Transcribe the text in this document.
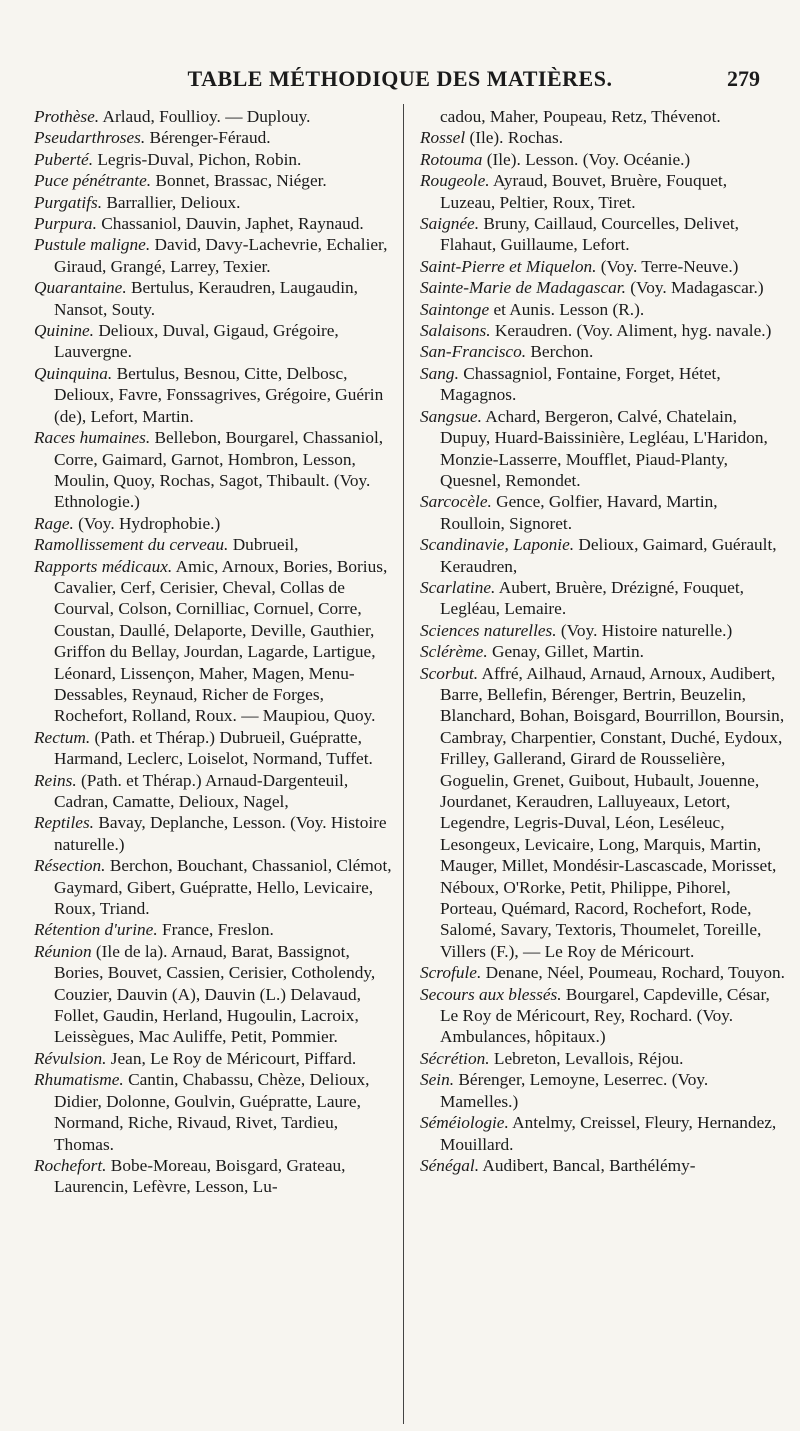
TABLE MÉTHODIQUE DES MATIÈRES.	279

Prothèse. Arlaud, Foullioy. — Duplouy.

Pseudarthroses. Bérenger-Féraud.

Puberté. Legris-Duval, Pichon, Robin.

Puce pénétrante. Bonnet, Brassac, Niéger.

Purgatifs. Barrallier, Delioux.

Purpura. Chassaniol, Dauvin, Japhet, Raynaud.

Pustule maligne. David, Davy-Lachevrie, Echalier, Giraud, Grangé, Larrey, Texier.

Quarantaine. Bertulus, Keraudren, Laugaudin, Nansot, Souty.

Quinine. Delioux, Duval, Gigaud, Grégoire, Lauvergne.

Quinquina. Bertulus, Besnou, Citte, Delbosc, Delioux, Favre, Fonssagrives, Grégoire, Guérin (de), Lefort, Martin.

Races humaines. Bellebon, Bourgarel, Chassaniol, Corre, Gaimard, Garnot, Hombron, Lesson, Moulin, Quoy, Rochas, Sagot, Thibault. (Voy. Ethnologie.)

Rage. (Voy. Hydrophobie.)

Ramollissement du cerveau. Dubrueil,

Rapports médicaux. Amic, Arnoux, Bories, Borius, Cavalier, Cerf, Cerisier, Cheval, Collas de Courval, Colson, Cornilliac, Cornuel, Corre, Coustan, Daullé, Delaporte, Deville, Gauthier, Griffon du Bellay, Jourdan, Lagarde, Lartigue, Léonard, Lissençon, Maher, Magen, Menu-Dessables, Reynaud, Richer de Forges, Rochefort, Rolland, Roux. — Maupiou, Quoy.

Rectum. (Path. et Thérap.) Dubrueil, Guépratte, Harmand, Leclerc, Loiselot, Normand, Tuffet.

Reins. (Path. et Thérap.) Arnaud-Dargenteuil, Cadran, Camatte, Delioux, Nagel,

Reptiles. Bavay, Deplanche, Lesson. (Voy. Histoire naturelle.)

Résection. Berchon, Bouchant, Chassaniol, Clémot, Gaymard, Gibert, Guépratte, Hello, Levicaire, Roux, Triand.

Rétention d'urine. France, Freslon.

Réunion (Ile de la). Arnaud, Barat, Bassignot, Bories, Bouvet, Cassien, Cerisier, Cotholendy, Couzier, Dauvin (A), Dauvin (L.) Delavaud, Follet, Gaudin, Herland, Hugoulin, Lacroix, Leissègues, Mac Auliffe, Petit, Pommier.

Révulsion. Jean, Le Roy de Méricourt, Piffard.

Rhumatisme. Cantin, Chabassu, Chèze, Delioux, Didier, Dolonne, Goulvin, Guépratte, Laure, Normand, Riche, Rivaud, Rivet, Tardieu, Thomas.

Rochefort. Bobe-Moreau, Boisgard, Grateau, Laurencin, Lefèvre, Lesson, Lu-

cadou, Maher, Poupeau, Retz, Thévenot.

Rossel (Ile). Rochas.

Rotouma (Ile). Lesson. (Voy. Océanie.)

Rougeole. Ayraud, Bouvet, Bruère, Fouquet, Luzeau, Peltier, Roux, Tiret.

Saignée. Bruny, Caillaud, Courcelles, Delivet, Flahaut, Guillaume, Lefort.

Saint-Pierre et Miquelon. (Voy. Terre-Neuve.)

Sainte-Marie de Madagascar. (Voy. Madagascar.)

Saintonge et Aunis. Lesson (R.).

Salaisons. Keraudren. (Voy. Aliment, hyg. navale.)

San-Francisco. Berchon.

Sang. Chassagniol, Fontaine, Forget, Hétet, Magagnos.

Sangsue. Achard, Bergeron, Calvé, Chatelain, Dupuy, Huard-Baissinière, Legléau, L'Haridon, Monzie-Lasserre, Moufflet, Piaud-Planty, Quesnel, Remondet.

Sarcocèle. Gence, Golfier, Havard, Martin, Roulloin, Signoret.

Scandinavie, Laponie. Delioux, Gaimard, Guérault, Keraudren,

Scarlatine. Aubert, Bruère, Drézigné, Fouquet, Legléau, Lemaire.

Sciences naturelles. (Voy. Histoire naturelle.)

Sclérème. Genay, Gillet, Martin.

Scorbut. Affré, Ailhaud, Arnaud, Arnoux, Audibert, Barre, Bellefin, Bérenger, Bertrin, Beuzelin, Blanchard, Bohan, Boisgard, Bourrillon, Boursin, Cambray, Charpentier, Constant, Duché, Eydoux, Frilley, Gallerand, Girard de Rousselière, Goguelin, Grenet, Guibout, Hubault, Jouenne, Jourdanet, Keraudren, Lalluyeaux, Letort, Legendre, Legris-Duval, Léon, Leséleuc, Lesongeux, Levicaire, Long, Marquis, Martin, Mauger, Millet, Mondésir-Lascascade, Morisset, Néboux, O'Rorke, Petit, Philippe, Pihorel, Porteau, Quémard, Racord, Rochefort, Rode, Salomé, Savary, Textoris, Thoumelet, Toreille, Villers (F.), — Le Roy de Méricourt.

Scrofule. Denane, Néel, Poumeau, Rochard, Touyon.

Secours aux blessés. Bourgarel, Capdeville, César, Le Roy de Méricourt, Rey, Rochard. (Voy. Ambulances, hôpitaux.)

Sécrétion. Lebreton, Levallois, Réjou.

Sein. Bérenger, Lemoyne, Leserrec. (Voy. Mamelles.)

Séméiologie. Antelmy, Creissel, Fleury, Hernandez, Mouillard.

Sénégal. Audibert, Bancal, Barthélémy-
